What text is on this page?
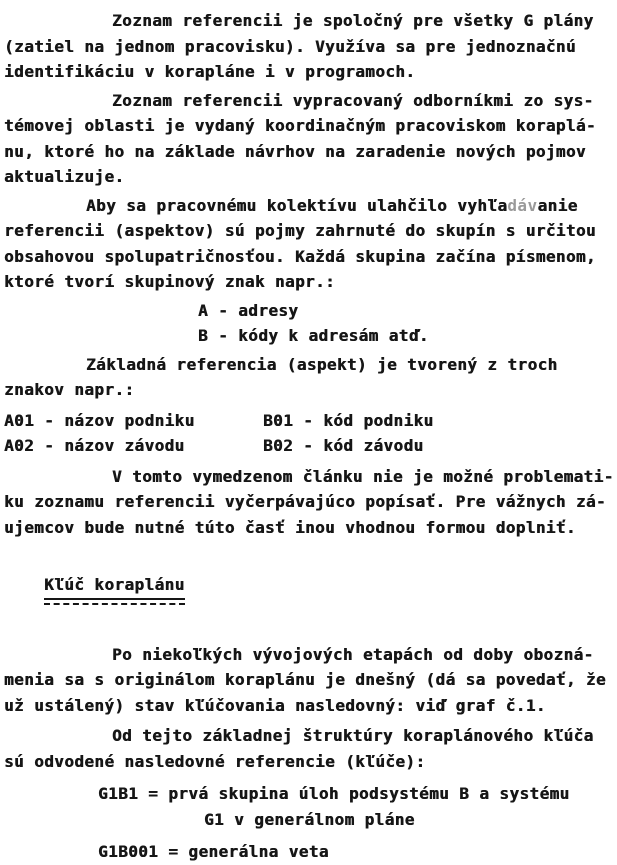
Zoznam referencii je spoločný pre všetky G plány
(zatiel na jednom pracovisku). Využíva sa pre jednoznačnú
identifikáciu v korapláne i v programoch.
Zoznam referencii vypracovaný odborníkmi zo sys-
témovej oblasti je vydaný koordinačným pracoviskom koraplá-
nu, ktoré ho na základe návrhov na zaradenie nových pojmov
aktualizuje.
Aby sa pracovnému kolektívu ulahčilo vyhľadávanie
referencii (aspektov) sú pojmy zahrnuté do skupín s určitou
obsahovou spolupatričnosťou. Každá skupina začína písmenom,
ktoré tvorí skupinový znak napr.:
A - adresy
B - kódy k adresám atď.
Základná referencia (aspekt) je tvorený z troch
znakov napr.:
A01 - názov podniku	B01 - kód podniku
A02 - názov závodu	B02 - kód závodu
V tomto vymedzenom článku nie je možné problemati-
ku zoznamu referencii vyčerpávajúco popísať. Pre vážnych zá-
ujemcov bude nutné túto časť inou vhodnou formou doplniť.

Kľúč koraplánu

Po niekoľkých vývojových etapách od doby obozná-
menia sa s originálom koraplánu je dnešný (dá sa povedať, že
už ustálený) stav kľúčovania nasledovný: viď graf č.1.
Od tejto základnej štruktúry koraplánového kľúča
sú odvodené nasledovné referencie (kľúče):
G1B1 = prvá skupina úloh podsystému B a systému
G1 v generálnom pláne
G1B001 = generálna veta
